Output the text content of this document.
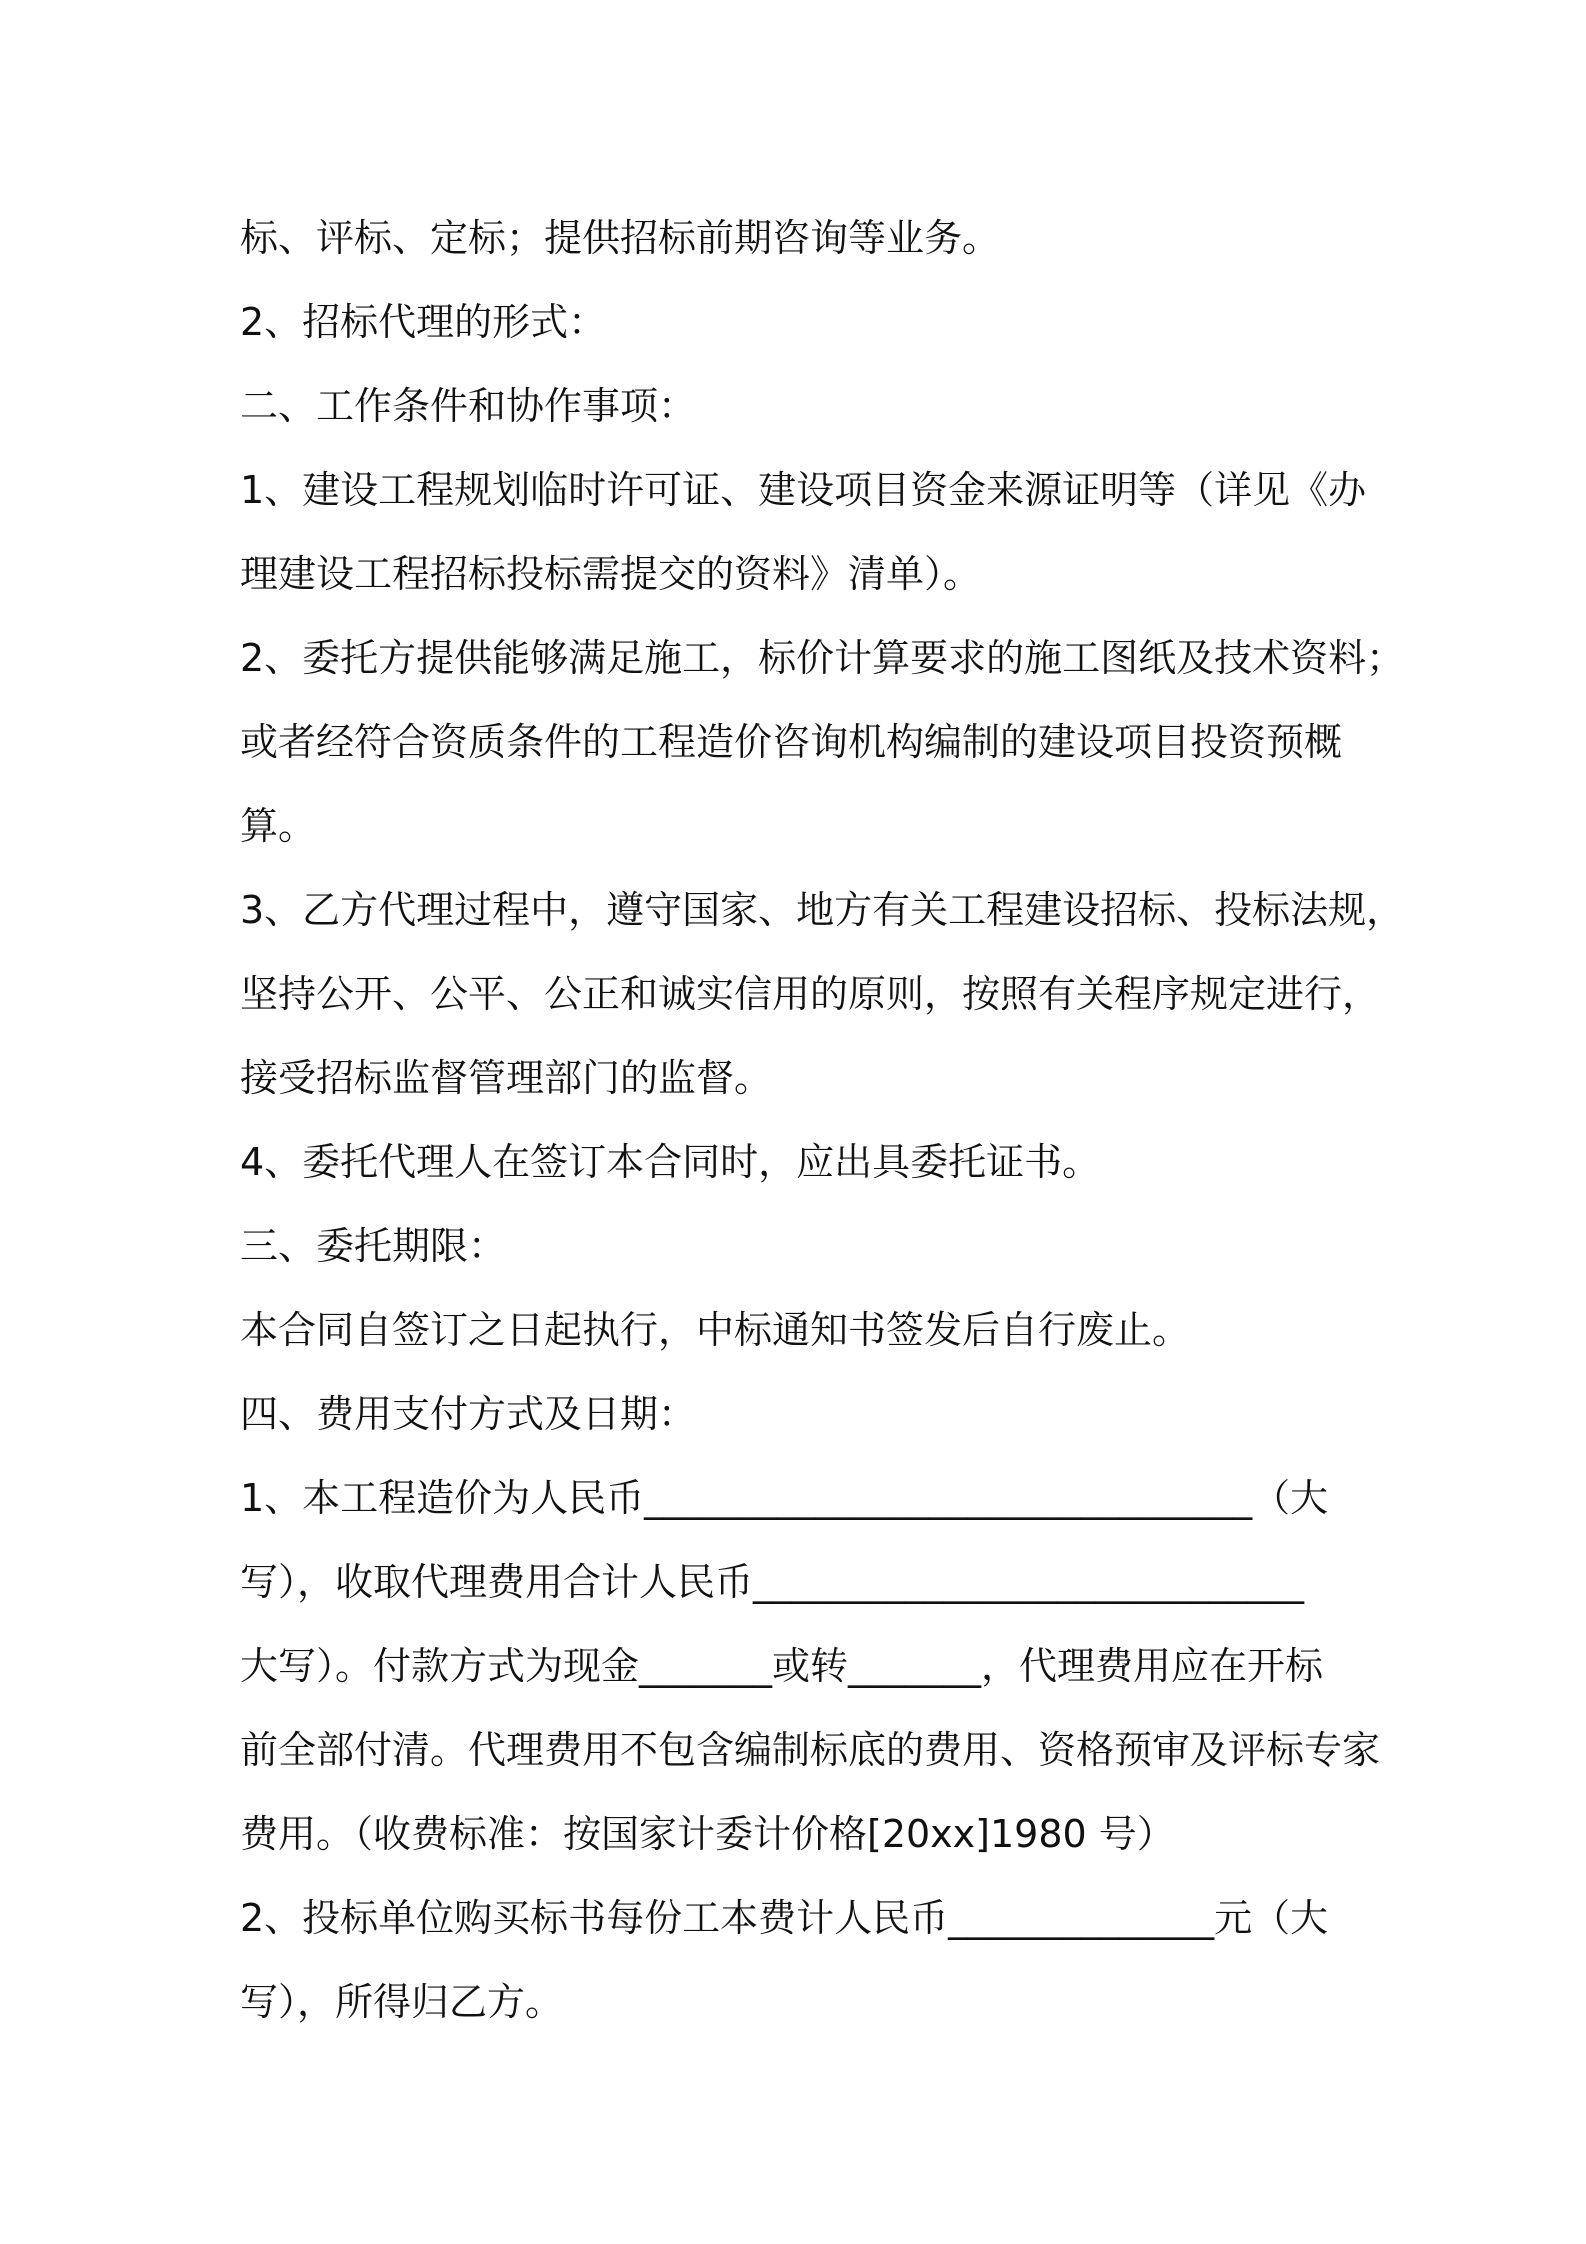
标、评标、定标；提供招标前期咨询等业务。
2、招标代理的形式：
二、工作条件和协作事项：
1、建设工程规划临时许可证、建设项目资金来源证明等（详见《办
理建设工程招标投标需提交的资料》清单）。
2、委托方提供能够满足施工，标价计算要求的施工图纸及技术资料；
或者经符合资质条件的工程造价咨询机构编制的建设项目投资预概
算。
3、乙方代理过程中，遵守国家、地方有关工程建设招标、投标法规，
坚持公开、公平、公正和诚实信用的原则，按照有关程序规定进行，
接受招标监督管理部门的监督。
4、委托代理人在签订本合同时，应出具委托证书。
三、委托期限：
本合同自签订之日起执行，中标通知书签发后自行废止。
四、费用支付方式及日期：
1、本工程造价为人民币________________________________（大
写），收取代理费用合计人民币_____________________________
大写）。付款方式为现金_______或转_______，代理费用应在开标
前全部付清。代理费用不包含编制标底的费用、资格预审及评标专家
费用。（收费标准：按国家计委计价格[20xx]1980 号）
2、投标单位购买标书每份工本费计人民币______________元（大
写），所得归乙方。
